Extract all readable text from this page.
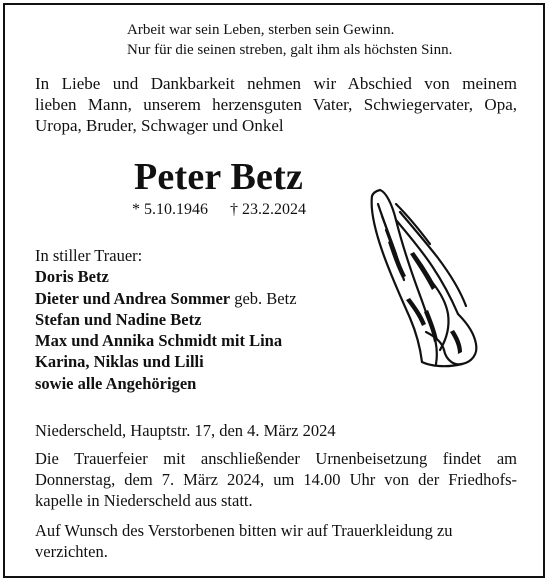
Arbeit war sein Leben, sterben sein Gewinn.
Nur für die seinen streben, galt ihm als höchsten Sinn.
In Liebe und Dankbarkeit nehmen wir Abschied von meinem
lieben Mann, unserem herzensguten Vater, Schwiegervater, Opa,
Uropa, Bruder, Schwager und Onkel
Peter Betz
* 5.10.1946 † 23.2.2024
In stiller Trauer:
Doris Betz
Dieter und Andrea Sommer geb. Betz
Stefan und Nadine Betz
Max und Annika Schmidt mit Lina
Karina, Niklas und Lilli
sowie alle Angehörigen
Niederscheld, Hauptstr. 17, den 4. März 2024
Die Trauerfeier mit anschließender Urnenbeisetzung findet am
Donnerstag, dem 7. März 2024, um 14.00 Uhr von der Friedhofs-
kapelle in Niederscheld aus statt.
Auf Wunsch des Verstorbenen bitten wir auf Trauerkleidung zu
verzichten.
